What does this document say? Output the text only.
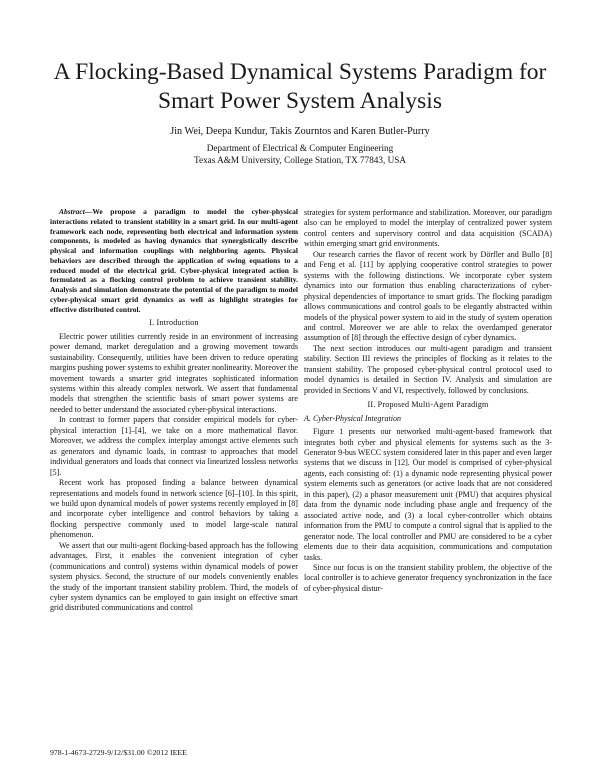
A Flocking-Based Dynamical Systems Paradigm for
Smart Power System Analysis
Jin Wei, Deepa Kundur, Takis Zourntos and Karen Butler-Purry
Department of Electrical & Computer Engineering
Texas A&M University, College Station, TX 77843, USA

Abstract—We propose a paradigm to model the cyber-physical interactions related to transient stability in a smart grid. In our multi-agent framework each node, representing both electrical and information system components, is modeled as having dynamics that synergistically describe physical and information couplings with neighboring agents. Physical behaviors are described through the application of swing equations to a reduced model of the electrical grid. Cyber-physical integrated action is formulated as a flocking control problem to achieve transient stability. Analysis and simulation demonstrate the potential of the paradigm to model cyber-physical smart grid dynamics as well as highlight strategies for effective distributed control.

I. Introduction

Electric power utilities currently reside in an environment of increasing power demand, market deregulation and a growing movement towards sustainability. Consequently, utilities have been driven to reduce operating margins pushing power systems to exhibit greater nonlinearity. Moreover the movement towards a smarter grid integrates sophisticated information systems within this already complex network. We assert that fundamental models that strengthen the scientific basis of smart power systems are needed to better understand the associated cyber-physical interactions.

In contrast to former papers that consider empirical models for cyber-physical interaction [1]–[4], we take on a more mathematical flavor. Moreover, we address the complex interplay amongst active elements such as generators and dynamic loads, in contrast to approaches that model individual generators and loads that connect via linearized lossless networks [5].

Recent work has proposed finding a balance between dynamical representations and models found in network science [6]–[10]. In this spirit, we build upon dynamical models of power systems recently employed in [8] and incorporate cyber intelligence and control behaviors by taking a flocking perspective commonly used to model large-scale natural phenomenon.

We assert that our multi-agent flocking-based approach has the following advantages. First, it enables the convenient integration of cyber (communications and control) systems within dynamical models of power system physics. Second, the structure of our models conveniently enables the study of the important transient stability problem. Third, the models of cyber system dynamics can be employed to gain insight on effective smart grid distributed communications and control

strategies for system performance and stabilization. Moreover, our paradigm also can be employed to model the interplay of centralized power system control centers and supervisory control and data acquisition (SCADA) within emerging smart grid environments.

Our research carries the flavor of recent work by Dörfler and Bullo [8] and Feng et al. [11] by applying cooperative control strategies to power systems with the following distinctions. We incorporate cyber system dynamics into our formation thus enabling characterizations of cyber-physical dependencies of importance to smart grids. The flocking paradigm allows communications and control goals to be elegantly abstracted within models of the physical power system to aid in the study of system operation and control. Moreover we are able to relax the overdamped generator assumption of [8] through the effective design of cyber dynamics.

The next section introduces our multi-agent paradigm and transient stability. Section III reviews the principles of flocking as it relates to the transient stability. The proposed cyber-physical control protocol used to model dynamics is detailed in Section IV. Analysis and simulation are provided in Sections V and VI, respectively, followed by conclusions.

II. Proposed Multi-Agent Paradigm
A. Cyber-Physical Integration

Figure 1 presents our networked multi-agent-based framework that integrates both cyber and physical elements for systems such as the 3-Generator 9-bus WECC system considered later in this paper and even larger systems that we discuss in [12]. Our model is comprised of cyber-physical agents, each consisting of: (1) a dynamic node representing physical power system elements such as generators (or active loads that are not considered in this paper), (2) a phasor measurement unit (PMU) that acquires physical data from the dynamic node including phase angle and frequency of the associated active node, and (3) a local cyber-controller which obtains information from the PMU to compute a control signal that is applied to the generator node. The local controller and PMU are considered to be a cyber elements due to their data acquisition, communications and computation tasks.

Since our focus is on the transient stability problem, the objective of the local controller is to achieve generator frequency synchronization in the face of cyber-physical distur-

978-1-4673-2729-9/12/$31.00 ©2012 IEEE
